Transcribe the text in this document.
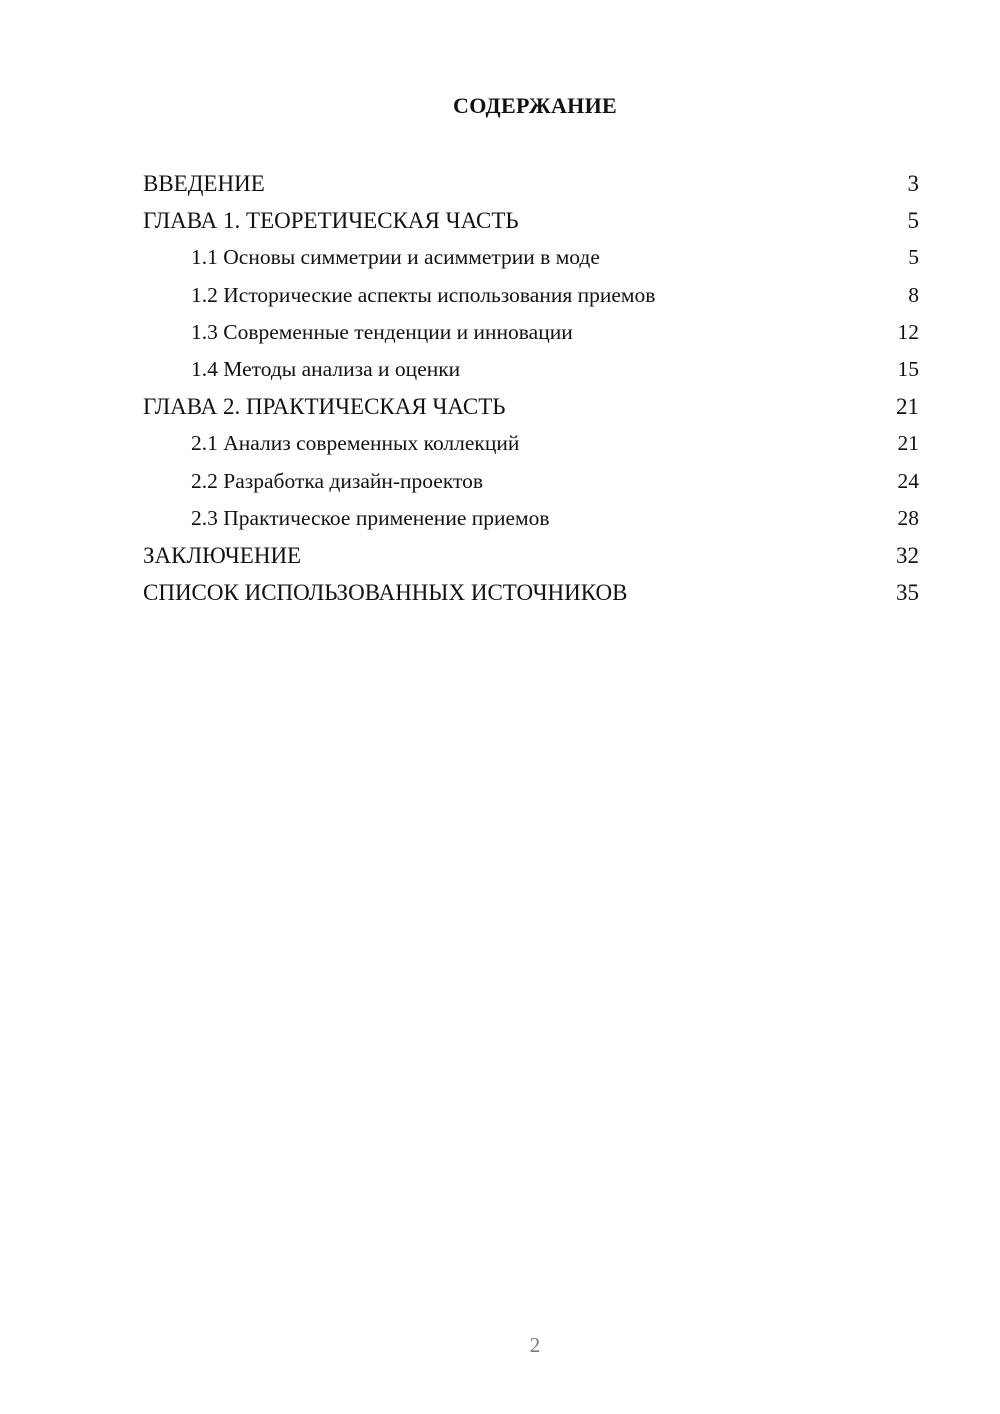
СОДЕРЖАНИЕ
ВВЕДЕНИЕ	3
ГЛАВА 1. ТЕОРЕТИЧЕСКАЯ ЧАСТЬ	5
1.1 Основы симметрии и асимметрии в моде	5
1.2 Исторические аспекты использования приемов	8
1.3 Современные тенденции и инновации	12
1.4 Методы анализа и оценки	15
ГЛАВА 2. ПРАКТИЧЕСКАЯ ЧАСТЬ	21
2.1 Анализ современных коллекций	21
2.2 Разработка дизайн-проектов	24
2.3 Практическое применение приемов	28
ЗАКЛЮЧЕНИЕ	32
СПИСОК ИСПОЛЬЗОВАННЫХ ИСТОЧНИКОВ	35
2
